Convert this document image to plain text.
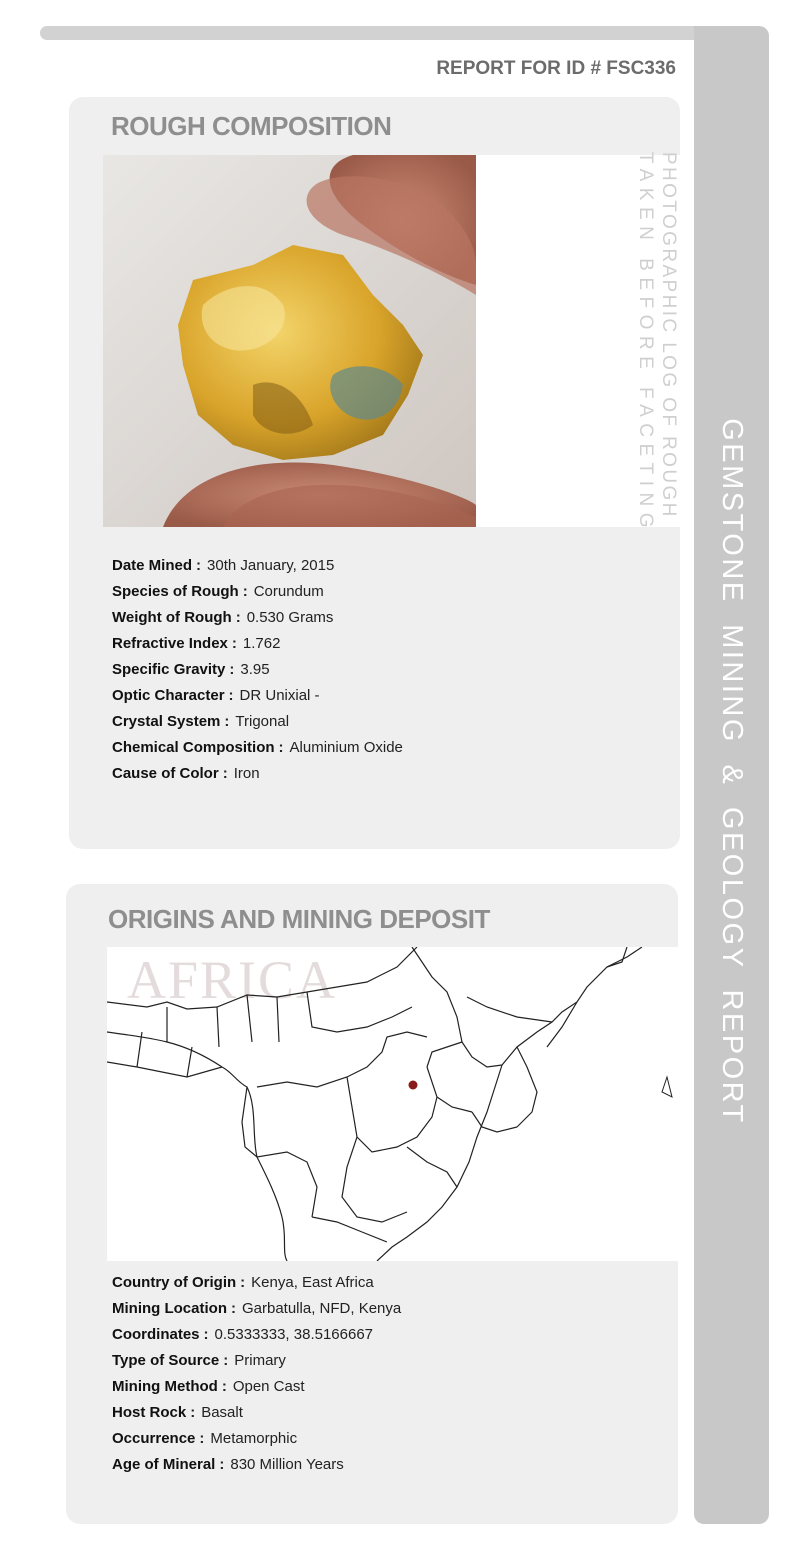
GEMSTONE MINING & GEOLOGY REPORT
REPORT FOR ID # FSC336
ROUGH COMPOSITION
PHOTOGRAPHIC LOG OF ROUGH
TAKEN BEFORE FACETING
Date Mined : 30th January, 2015
Species of Rough : Corundum
Weight of Rough : 0.530 Grams
Refractive Index : 1.762
Specific Gravity : 3.95
Optic Character : DR Unixial -
Crystal System : Trigonal
Chemical Composition : Aluminium Oxide
Cause of Color : Iron
ORIGINS AND MINING DEPOSIT
AFRICA
Country of Origin : Kenya, East Africa
Mining Location : Garbatulla, NFD, Kenya
Coordinates : 0.5333333, 38.5166667
Type of Source : Primary
Mining Method : Open Cast
Host Rock : Basalt
Occurrence : Metamorphic
Age of Mineral : 830 Million Years
